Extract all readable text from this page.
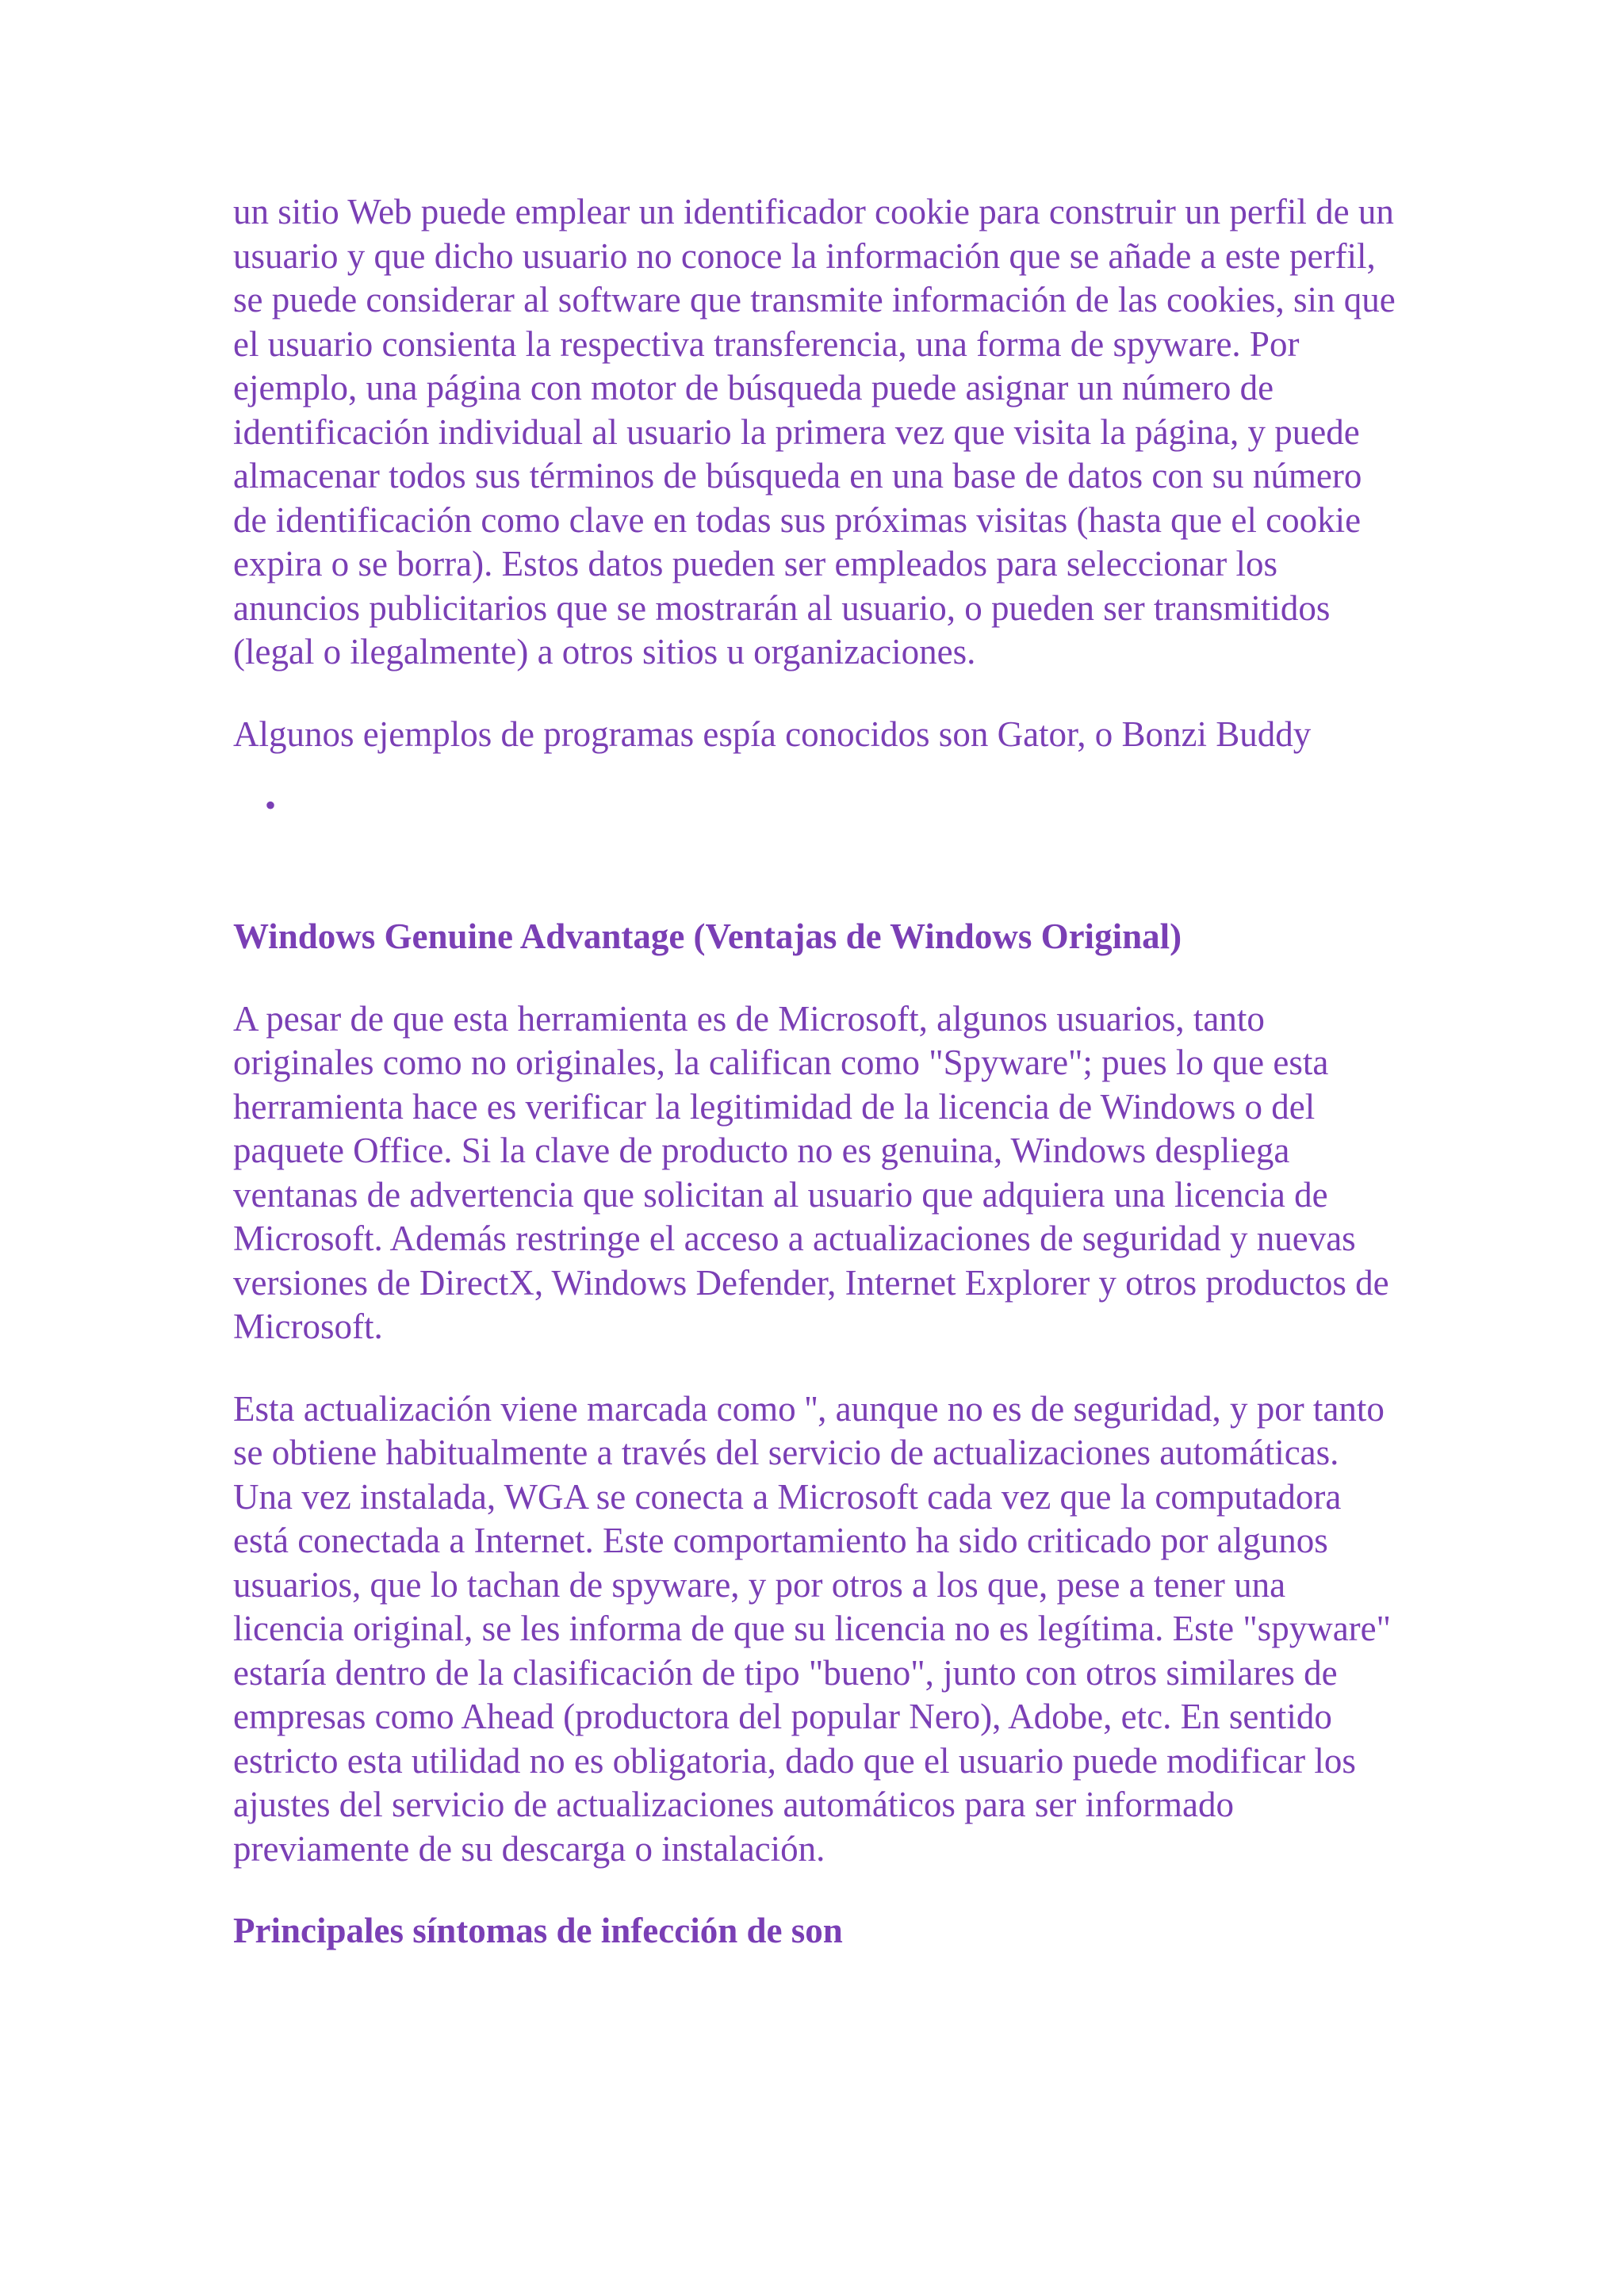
un sitio Web puede emplear un identificador cookie para construir un perfil de un usuario y que dicho usuario no conoce la información que se añade a este perfil, se puede considerar al software que transmite información de las cookies, sin que el usuario consienta la respectiva transferencia, una forma de spyware. Por ejemplo, una página con motor de búsqueda puede asignar un número de identificación individual al usuario la primera vez que visita la página, y puede almacenar todos sus términos de búsqueda en una base de datos con su número de identificación como clave en todas sus próximas visitas (hasta que el cookie expira o se borra). Estos datos pueden ser empleados para seleccionar los anuncios publicitarios que se mostrarán al usuario, o pueden ser transmitidos (legal o ilegalmente) a otros sitios u organizaciones.

Algunos ejemplos de programas espía conocidos son Gator, o Bonzi Buddy

•

Windows Genuine Advantage (Ventajas de Windows Original)

A pesar de que esta herramienta es de Microsoft, algunos usuarios, tanto originales como no originales, la califican como "Spyware"; pues lo que esta herramienta hace es verificar la legitimidad de la licencia de Windows o del paquete Office. Si la clave de producto no es genuina, Windows despliega ventanas de advertencia que solicitan al usuario que adquiera una licencia de Microsoft. Además restringe el acceso a actualizaciones de seguridad y nuevas versiones de DirectX, Windows Defender, Internet Explorer y otros productos de Microsoft.

Esta actualización viene marcada como '', aunque no es de seguridad, y por tanto se obtiene habitualmente a través del servicio de actualizaciones automáticas. Una vez instalada, WGA se conecta a Microsoft cada vez que la computadora está conectada a Internet. Este comportamiento ha sido criticado por algunos usuarios, que lo tachan de spyware, y por otros a los que, pese a tener una licencia original, se les informa de que su licencia no es legítima. Este "spyware" estaría dentro de la clasificación de tipo "bueno", junto con otros similares de empresas como Ahead (productora del popular Nero), Adobe, etc. En sentido estricto esta utilidad no es obligatoria, dado que el usuario puede modificar los ajustes del servicio de actualizaciones automáticos para ser informado previamente de su descarga o instalación.

Principales síntomas de infección de son
